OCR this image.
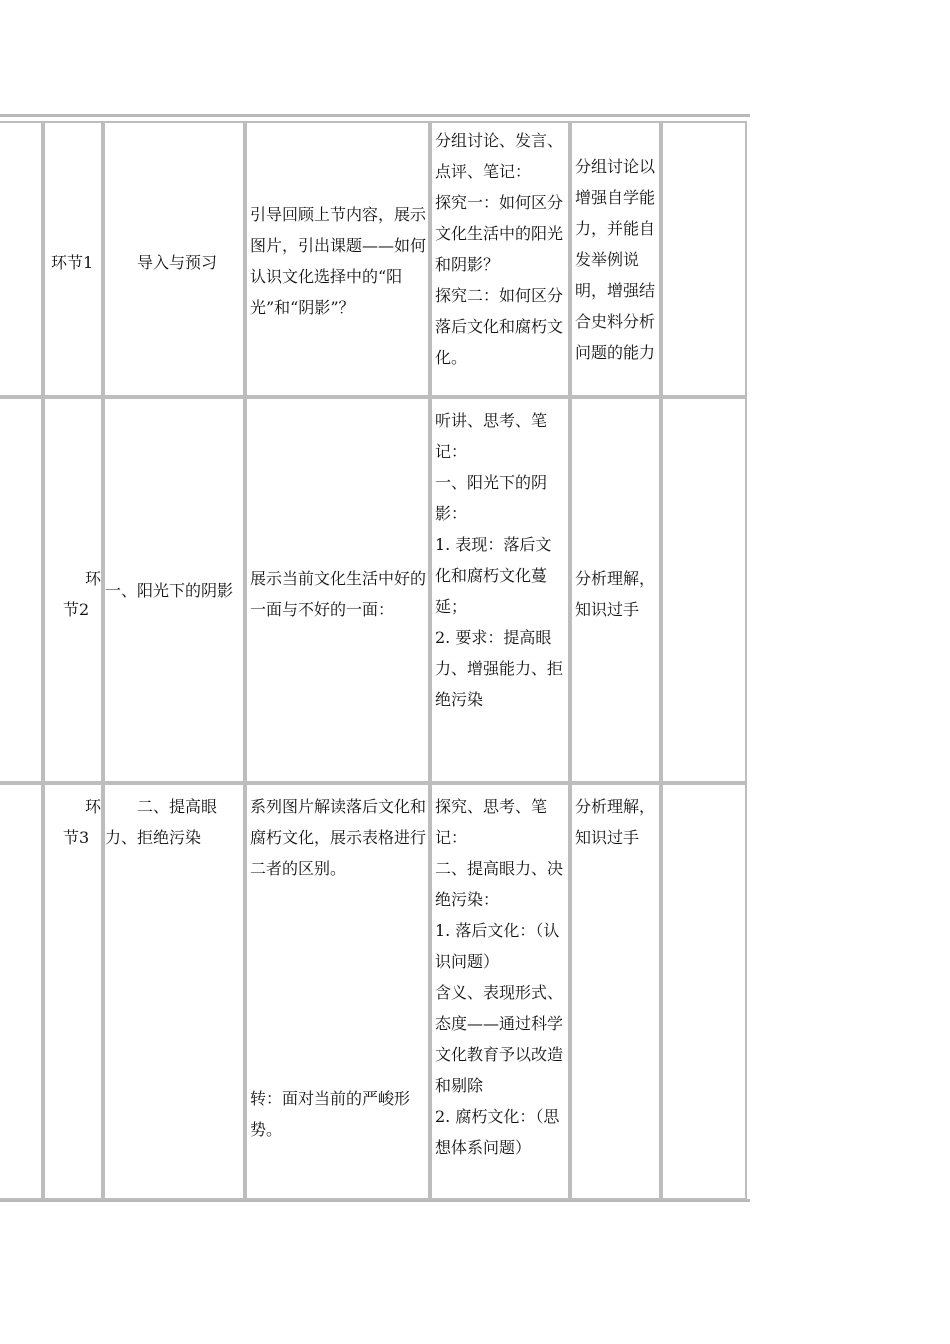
环节1	导入与预习
引导回顾上节内容，展示图片，引出课题——如何认识文化选择中的“阳光”和“阴影”？

分组讨论、发言、点评、笔记：

探究一：如何区分文化生活中的阳光和阴影？

探究二：如何区分落后文化和腐朽文化。

分组讨论以增强自学能力，并能自发举例说明，增强结合史料分析问题的能力
环
节2
一、阳光下的阴影
展示当前文化生活中好的一面与不好的一面：

听讲、思考、笔记：

一、阳光下的阴影：

1. 表现：落后文化和腐朽文化蔓延；

2. 要求：提高眼力、增强能力、拒绝污染

分析理解，知识过手
环
节3
二、提高眼
力、拒绝污染
系列图片解读落后文化和腐朽文化，展示表格进行二者的区别。
转：面对当前的严峻形势。

探究、思考、笔记：

二、提高眼力、决绝污染：

1. 落后文化：（认识问题）

含义、表现形式、态度——通过科学文化教育予以改造和剔除

2. 腐朽文化：（思想体系问题）

分析理解，知识过手
